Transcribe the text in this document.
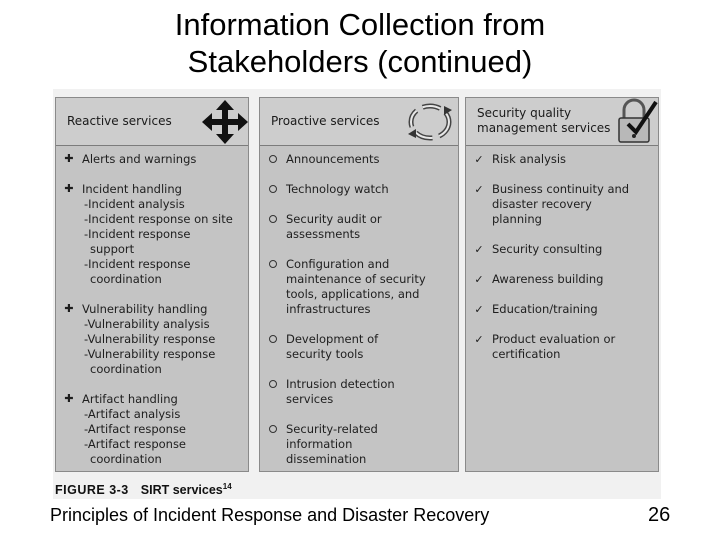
Information Collection from
Stakeholders (continued)
Reactive services
✚ Alerts and warnings
✚ Incident handling
-Incident analysis
-Incident response on site
-Incident response
support
-Incident response
coordination
✚ Vulnerability handling
-Vulnerability analysis
-Vulnerability response
-Vulnerability response
coordination
✚ Artifact handling
-Artifact analysis
-Artifact response
-Artifact response
coordination
Proactive services
Announcements
Technology watch
Security audit or
assessments
Configuration and
maintenance of security
tools, applications, and
infrastructures
Development of
security tools
Intrusion detection
services
Security-related
information
dissemination
Security quality
management services
✓ Risk analysis
✓ Business continuity and
disaster recovery
planning
✓ Security consulting
✓ Awareness building
✓ Education/training
✓ Product evaluation or
certification
FIGURE 3-3 SIRT services$^{14}$
Principles of Incident Response and Disaster Recovery	26
